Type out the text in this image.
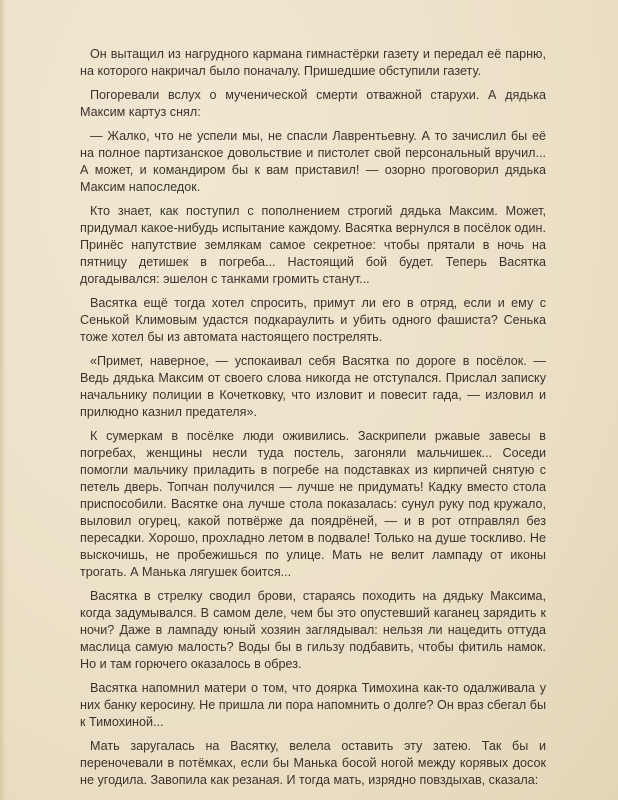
Он вытащил из нагрудного кармана гимнастёрки газету и передал её парню, на которого накричал было поначалу. Пришедшие обступили газету.

Погоревали вслух о мученической смерти отважной старухи. А дядька Максим картуз снял:

— Жалко, что не успели мы, не спасли Лаврентьевну. А то зачислил бы её на полное партизанское довольствие и пистолет свой персональный вручил... А может, и командиром бы к вам приставил! — озорно проговорил дядька Максим напоследок.

Кто знает, как поступил с пополнением строгий дядька Максим. Может, придумал какое-нибудь испытание каждому. Васятка вернулся в посёлок один. Принёс напутствие землякам самое секретное: чтобы прятали в ночь на пятницу детишек в погреба... Настоящий бой будет. Теперь Васятка догадывался: эшелон с танками громить станут...

Васятка ещё тогда хотел спросить, примут ли его в отряд, если и ему с Сенькой Климовым удастся подкараулить и убить одного фашиста? Сенька тоже хотел бы из автомата настоящего пострелять.

«Примет, наверное, — успокаивал себя Васятка по дороге в посёлок. — Ведь дядька Максим от своего слова никогда не отступался. Прислал записку начальнику полиции в Кочетковку, что изловит и повесит гада, — изловил и прилюдно казнил предателя».

К сумеркам в посёлке люди оживились. Заскрипели ржавые завесы в погребах, женщины несли туда постель, загоняли мальчишек... Соседи помогли мальчику приладить в погребе на подставках из кирпичей снятую с петель дверь. Топчан получился — лучше не придумать! Кадку вместо стола приспособили. Васятке она лучше стола показалась: сунул руку под кружало, выловил огурец, какой потвёрже да поядрёней, — и в рот отправлял без пересадки. Хорошо, прохладно летом в подвале! Только на душе тоскливо. Не выскочишь, не пробежишься по улице. Мать не велит лампаду от иконы трогать. А Манька лягушек боится...

Васятка в стрелку сводил брови, стараясь походить на дядьку Максима, когда задумывался. В самом деле, чем бы это опустевший каганец зарядить к ночи? Даже в лампаду юный хозяин заглядывал: нельзя ли нацедить оттуда маслица самую малость? Воды бы в гильзу подбавить, чтобы фитиль намок. Но и там горючего оказалось в обрез.

Васятка напомнил матери о том, что доярка Тимохина как-то одалживала у них банку керосину. Не пришла ли пора напомнить о долге? Он враз сбегал бы к Тимохиной...

Мать заругалась на Васятку, велела оставить эту затею. Так бы и переночевали в потёмках, если бы Манька босой ногой между корявых досок не угодила. Завопила как резаная. И тогда мать, изрядно повздыхав, сказала:
